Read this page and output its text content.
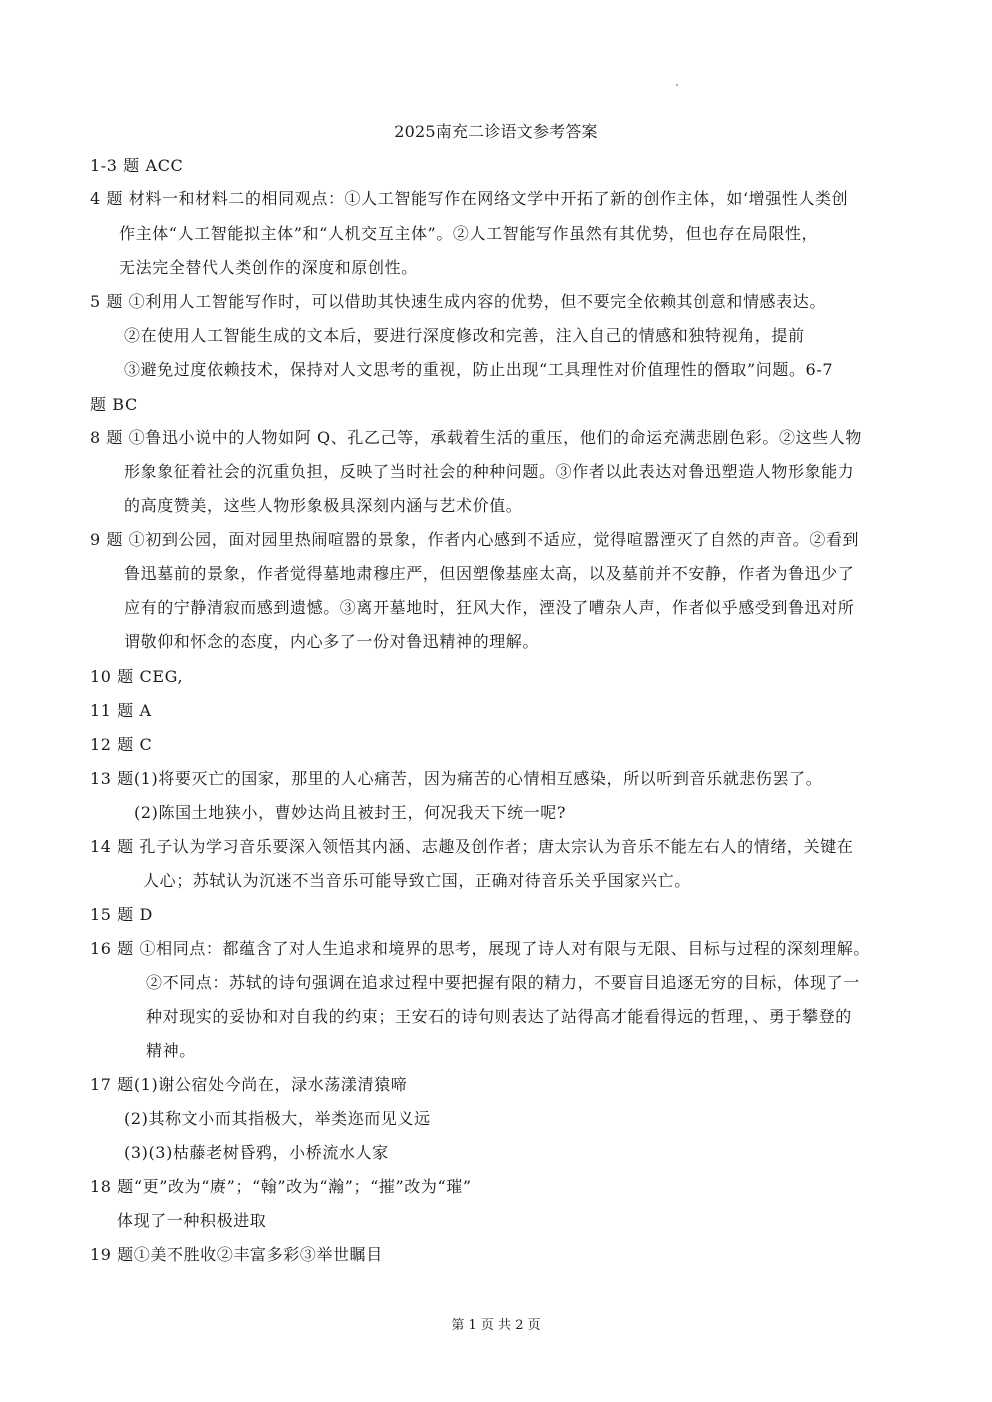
2025南充二诊语文参考答案
1-3 题 ACC
4 题 材料一和材料二的相同观点：①人工智能写作在网络文学中开拓了新的创作主体，如‘增强性人类创
作主体“人工智能拟主体”和“人机交互主体”。②人工智能写作虽然有其优势，但也存在局限性，
无法完全替代人类创作的深度和原创性。
5 题 ①利用人工智能写作时，可以借助其快速生成内容的优势，但不要完全依赖其创意和情感表达。
②在使用人工智能生成的文本后，要进行深度修改和完善，注入自己的情感和独特视角，提前
③避免过度依赖技术，保持对人文思考的重视，防止出现“工具理性对价值理性的僭取”问题。6-7
题 BC
8 题 ①鲁迅小说中的人物如阿 Q、孔乙己等，承载着生活的重压，他们的命运充满悲剧色彩。②这些人物
形象象征着社会的沉重负担，反映了当时社会的种种问题。③作者以此表达对鲁迅塑造人物形象能力
的高度赞美，这些人物形象极具深刻内涵与艺术价值。
9 题 ①初到公园，面对园里热闹喧嚣的景象，作者内心感到不适应，觉得喧嚣湮灭了自然的声音。②看到
鲁迅墓前的景象，作者觉得墓地肃穆庄严，但因塑像基座太高，以及墓前并不安静，作者为鲁迅少了
应有的宁静清寂而感到遗憾。③离开墓地时，狂风大作，湮没了嘈杂人声，作者似乎感受到鲁迅对所
谓敬仰和怀念的态度，内心多了一份对鲁迅精神的理解。
10 题 CEG,
11 题 A
12 题 C
13 题(1)将要灭亡的国家，那里的人心痛苦，因为痛苦的心情相互感染，所以听到音乐就悲伤罢了。
(2)陈国土地狭小，曹妙达尚且被封王，何况我天下统一呢?
14 题 孔子认为学习音乐要深入领悟其内涵、志趣及创作者；唐太宗认为音乐不能左右人的情绪，关键在
人心；苏轼认为沉迷不当音乐可能导致亡国，正确对待音乐关乎国家兴亡。
15 题 D
16 题 ①相同点：都蕴含了对人生追求和境界的思考，展现了诗人对有限与无限、目标与过程的深刻理解。
②不同点：苏轼的诗句强调在追求过程中要把握有限的精力，不要盲目追逐无穷的目标，体现了一
种对现实的妥协和对自我的约束；王安石的诗句则表达了站得高才能看得远的哲理，、勇于攀登的
精神。
17 题(1)谢公宿处今尚在，渌水荡漾清猿啼
(2)其称文小而其指极大，举类迩而见义远
(3)(3)枯藤老树昏鸦，小桥流水人家
18 题“更”改为“赓”；“翰”改为“瀚”；“摧”改为“璀”
体现了一种积极进取
19 题①美不胜收②丰富多彩③举世瞩目
第 1 页 共 2 页
